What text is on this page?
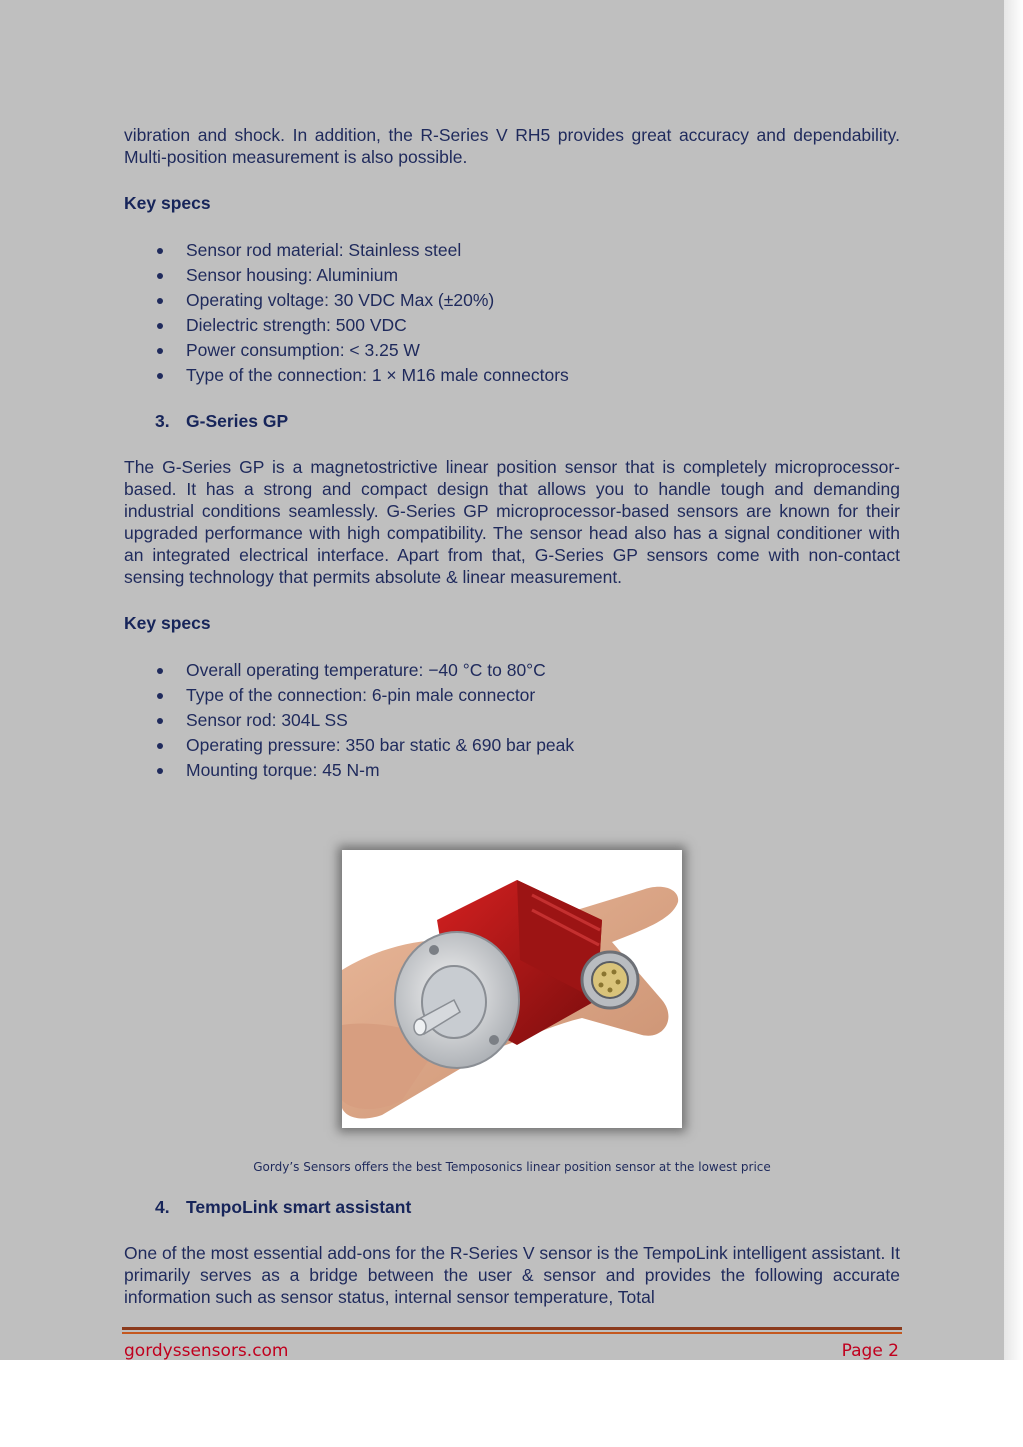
vibration and shock. In addition, the R-Series V RH5 provides great accuracy and dependability. Multi-position measurement is also possible.

Key specs
Sensor rod material: Stainless steel
Sensor housing: Aluminium
Operating voltage: 30 VDC Max (±20%)
Dielectric strength: 500 VDC
Power consumption: < 3.25 W
Type of the connection: 1 × M16 male connectors
3. G-Series GP

The G-Series GP is a magnetostrictive linear position sensor that is completely microprocessor-based. It has a strong and compact design that allows you to handle tough and demanding industrial conditions seamlessly. G-Series GP microprocessor-based sensors are known for their upgraded performance with high compatibility. The sensor head also has a signal conditioner with an integrated electrical interface. Apart from that, G-Series GP sensors come with non-contact sensing technology that permits absolute & linear measurement.

Key specs
Overall operating temperature: −40 °C to 80°C
Type of the connection: 6-pin male connector
Sensor rod: 304L SS
Operating pressure: 350 bar static & 690 bar peak
Mounting torque: 45 N-m
Gordy’s Sensors offers the best Temposonics linear position sensor at the lowest price
4. TempoLink smart assistant

One of the most essential add-ons for the R-Series V sensor is the TempoLink intelligent assistant. It primarily serves as a bridge between the user & sensor and provides the following accurate information such as sensor status, internal sensor temperature, Total

gordyssensors.com	Page 2
